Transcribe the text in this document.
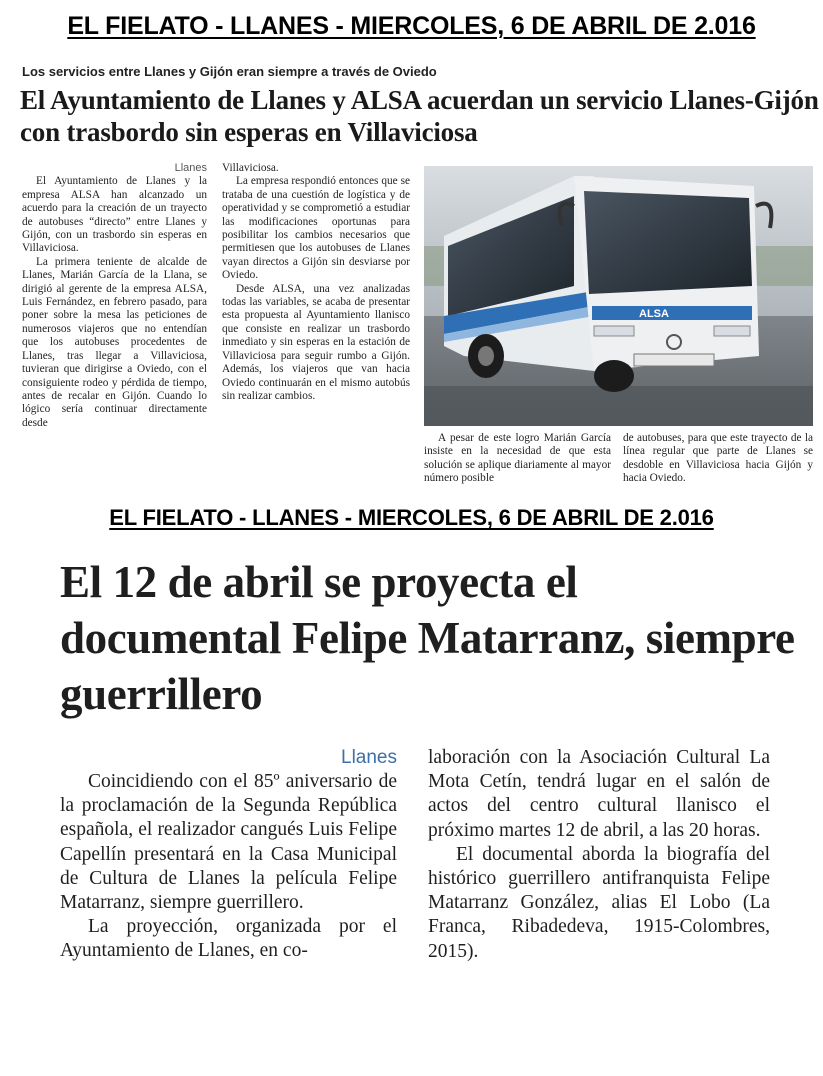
EL FIELATO - LLANES - MIERCOLES, 6 DE ABRIL DE 2.016
Los servicios entre Llanes y Gijón eran siempre a través de Oviedo
El Ayuntamiento de Llanes y ALSA acuerdan un servicio Llanes-Gijón con trasbordo sin esperas en Villaviciosa
Llanes

El Ayuntamiento de Llanes y la empresa ALSA han alcanzado un acuerdo para la creación de un trayecto de autobuses “directo” entre Llanes y Gijón, con un trasbordo sin esperas en Villaviciosa.

La primera teniente de alcalde de Llanes, Marián García de la Llana, se dirigió al gerente de la empresa ALSA, Luis Fernández, en febrero pasado, para poner sobre la mesa las peticiones de numerosos viajeros que no entendían que los autobuses procedentes de Llanes, tras llegar a Villaviciosa, tuvieran que dirigirse a Oviedo, con el consiguiente rodeo y pérdida de tiempo, antes de recalar en Gijón. Cuando lo lógico sería continuar directamente desde

Villaviciosa.

La empresa respondió entonces que se trataba de una cuestión de logística y de operatividad y se comprometió a estudiar las modificaciones oportunas para posibilitar los cambios necesarios que permitiesen que los autobuses de Llanes vayan directos a Gijón sin desviarse por Oviedo.

Desde ALSA, una vez analizadas todas las variables, se acaba de presentar esta propuesta al Ayuntamiento llanisco que consiste en realizar un trasbordo inmediato y sin esperas en la estación de Villaviciosa para seguir rumbo a Gijón. Además, los viajeros que van hacia Oviedo continuarán en el mismo autobús sin realizar cambios.

ALSA

A pesar de este logro Marián García insiste en la necesidad de que esta solución se aplique diariamente al mayor número posible

de autobuses, para que este trayecto de la línea regular que parte de Llanes se desdoble en Villaviciosa hacia Gijón y hacia Oviedo.
EL FIELATO - LLANES - MIERCOLES, 6 DE ABRIL DE 2.016
El 12 de abril se proyecta el documental Felipe Matarranz, siempre guerrillero
Llanes

Coincidiendo con el 85º aniversario de la proclamación de la Segunda República española, el realizador cangués Luis Felipe Capellín presentará en la Casa Municipal de Cultura de Llanes la película Felipe Matarranz, siempre guerrillero.

La proyección, organizada por el Ayuntamiento de Llanes, en co-

laboración con la Asociación Cultural La Mota Cetín, tendrá lugar en el salón de actos del centro cultural llanisco el próximo martes 12 de abril, a las 20 horas.

El documental aborda la biografía del histórico guerrillero antifranquista Felipe Matarranz González, alias El Lobo (La Franca, Ribadedeva, 1915-Colombres, 2015).
